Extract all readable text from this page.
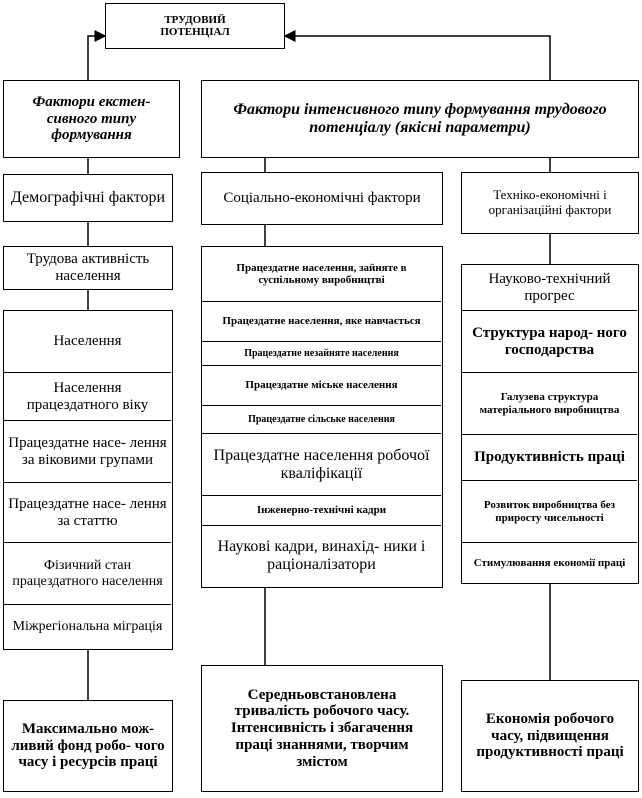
ТРУДОВИЙ ПОТЕНЦІАЛ
Фактори екстен- сивного типу формування
Фактори інтенсивного типу формування трудового потенціалу (якісні параметри)
Демографічні фактори
Трудова активність населення
Населення
Населення працездатного віку
Працездатне насе- лення за віковими групами
Працездатне насе- лення за статтю
Фізичний стан працездатного населення
Міжрегіональна міграція
Максимально мож- ливий фонд робо- чого часу і ресурсів праці
Соціально-економічні фактори
Працездатне населення, зайняте в суспільному виробництві
Працездатне населення, яке навчається
Працездатне незайняте населення
Працездатне міське населення
Працездатне сільське населення
Працездатне населення робочої кваліфікації
Інженерно-технічні кадри
Наукові кадри, винахід- ники і раціоналізатори
Середньовстановлена тривалість робочого часу. Інтенсивність і збагачення праці знаннями, творчим змістом
Техніко-економічні і організаційні фактори
Науково-технічний прогрес
Структура народ- ного господарства
Галузева структура матеріального виробництва
Продуктивність праці
Розвиток виробництва без приросту чисельності
Стимулювання економії праці
Економія робочого часу, підвищення продуктивності праці
